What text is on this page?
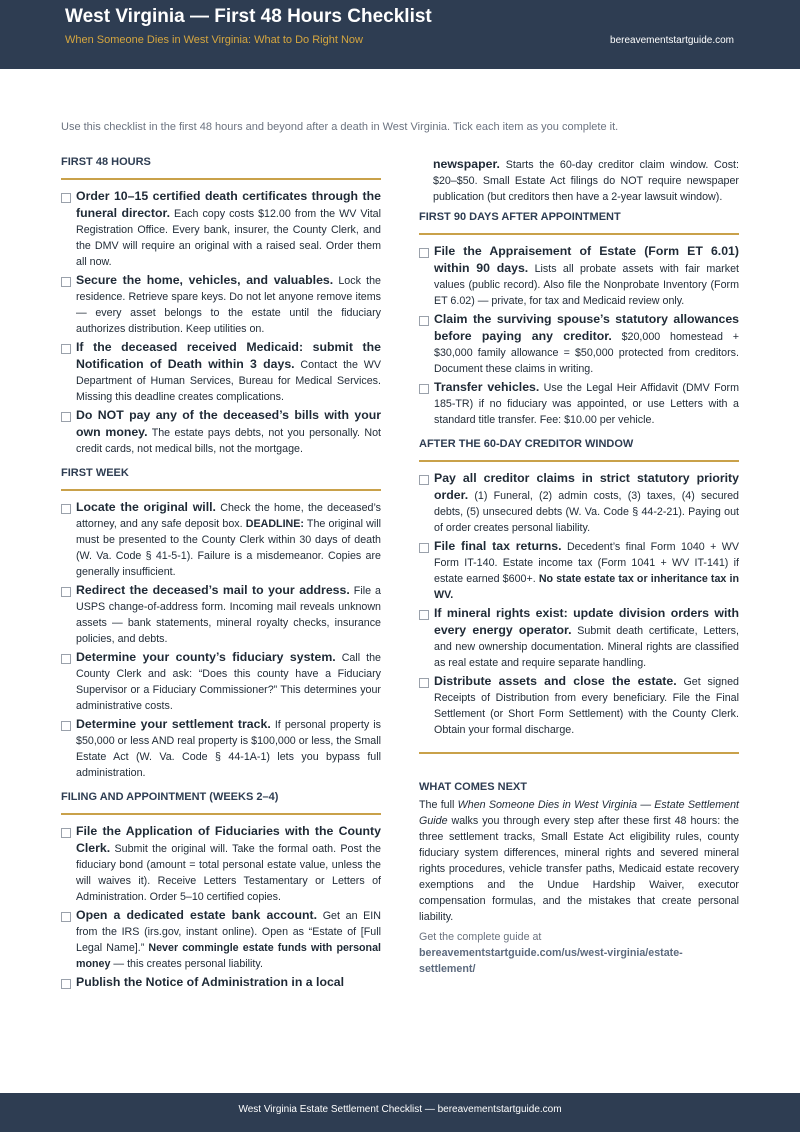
West Virginia — First 48 Hours Checklist
When Someone Dies in West Virginia: What to Do Right Now	bereavementstartguide.com
Use this checklist in the first 48 hours and beyond after a death in West Virginia. Tick each item as you complete it.
FIRST 48 HOURS
Order 10–15 certified death certificates through the funeral director. Each copy costs $12.00 from the WV Vital Registration Office. Every bank, insurer, the County Clerk, and the DMV will require an original with a raised seal. Order them all now.
Secure the home, vehicles, and valuables. Lock the residence. Retrieve spare keys. Do not let anyone remove items — every asset belongs to the estate until the fiduciary authorizes distribution. Keep utilities on.
If the deceased received Medicaid: submit the Notification of Death within 3 days. Contact the WV Department of Human Services, Bureau for Medical Services. Missing this deadline creates complications.
Do NOT pay any of the deceased’s bills with your own money. The estate pays debts, not you personally. Not credit cards, not medical bills, not the mortgage.
FIRST WEEK
Locate the original will. Check the home, the deceased’s attorney, and any safe deposit box. DEADLINE: The original will must be presented to the County Clerk within 30 days of death (W. Va. Code § 41-5-1). Failure is a misdemeanor. Copies are generally insufficient.
Redirect the deceased’s mail to your address. File a USPS change-of-address form. Incoming mail reveals unknown assets — bank statements, mineral royalty checks, insurance policies, and debts.
Determine your county’s fiduciary system. Call the County Clerk and ask: “Does this county have a Fiduciary Supervisor or a Fiduciary Commissioner?” This determines your administrative costs.
Determine your settlement track. If personal property is $50,000 or less AND real property is $100,000 or less, the Small Estate Act (W. Va. Code § 44-1A-1) lets you bypass full administration.
FILING AND APPOINTMENT (WEEKS 2–4)
File the Application of Fiduciaries with the County Clerk. Submit the original will. Take the formal oath. Post the fiduciary bond (amount = total personal estate value, unless the will waives it). Receive Letters Testamentary or Letters of Administration. Order 5–10 certified copies.
Open a dedicated estate bank account. Get an EIN from the IRS (irs.gov, instant online). Open as “Estate of [Full Legal Name].” Never commingle estate funds with personal money — this creates personal liability.
Publish the Notice of Administration in a local
newspaper. Starts the 60-day creditor claim window. Cost: $20–$50. Small Estate Act filings do NOT require newspaper publication (but creditors then have a 2-year lawsuit window).
FIRST 90 DAYS AFTER APPOINTMENT
File the Appraisement of Estate (Form ET 6.01) within 90 days. Lists all probate assets with fair market values (public record). Also file the Nonprobate Inventory (Form ET 6.02) — private, for tax and Medicaid review only.
Claim the surviving spouse’s statutory allowances before paying any creditor. $20,000 homestead + $30,000 family allowance = $50,000 protected from creditors. Document these claims in writing.
Transfer vehicles. Use the Legal Heir Affidavit (DMV Form 185-TR) if no fiduciary was appointed, or use Letters with a standard title transfer. Fee: $10.00 per vehicle.
AFTER THE 60-DAY CREDITOR WINDOW
Pay all creditor claims in strict statutory priority order. (1) Funeral, (2) admin costs, (3) taxes, (4) secured debts, (5) unsecured debts (W. Va. Code § 44-2-21). Paying out of order creates personal liability.
File final tax returns. Decedent’s final Form 1040 + WV Form IT-140. Estate income tax (Form 1041 + WV IT-141) if estate earned $600+. No state estate tax or inheritance tax in WV.
If mineral rights exist: update division orders with every energy operator. Submit death certificate, Letters, and new ownership documentation. Mineral rights are classified as real estate and require separate handling.
Distribute assets and close the estate. Get signed Receipts of Distribution from every beneficiary. File the Final Settlement (or Short Form Settlement) with the County Clerk. Obtain your formal discharge.
WHAT COMES NEXT
The full When Someone Dies in West Virginia — Estate Settlement Guide walks you through every step after these first 48 hours: the three settlement tracks, Small Estate Act eligibility rules, county fiduciary system differences, mineral rights and severed mineral rights procedures, vehicle transfer paths, Medicaid estate recovery exemptions and the Undue Hardship Waiver, executor compensation formulas, and the mistakes that create personal liability.
Get the complete guide at
bereavementstartguide.com/us/west-virginia/estate-settlement/
West Virginia Estate Settlement Checklist — bereavementstartguide.com
